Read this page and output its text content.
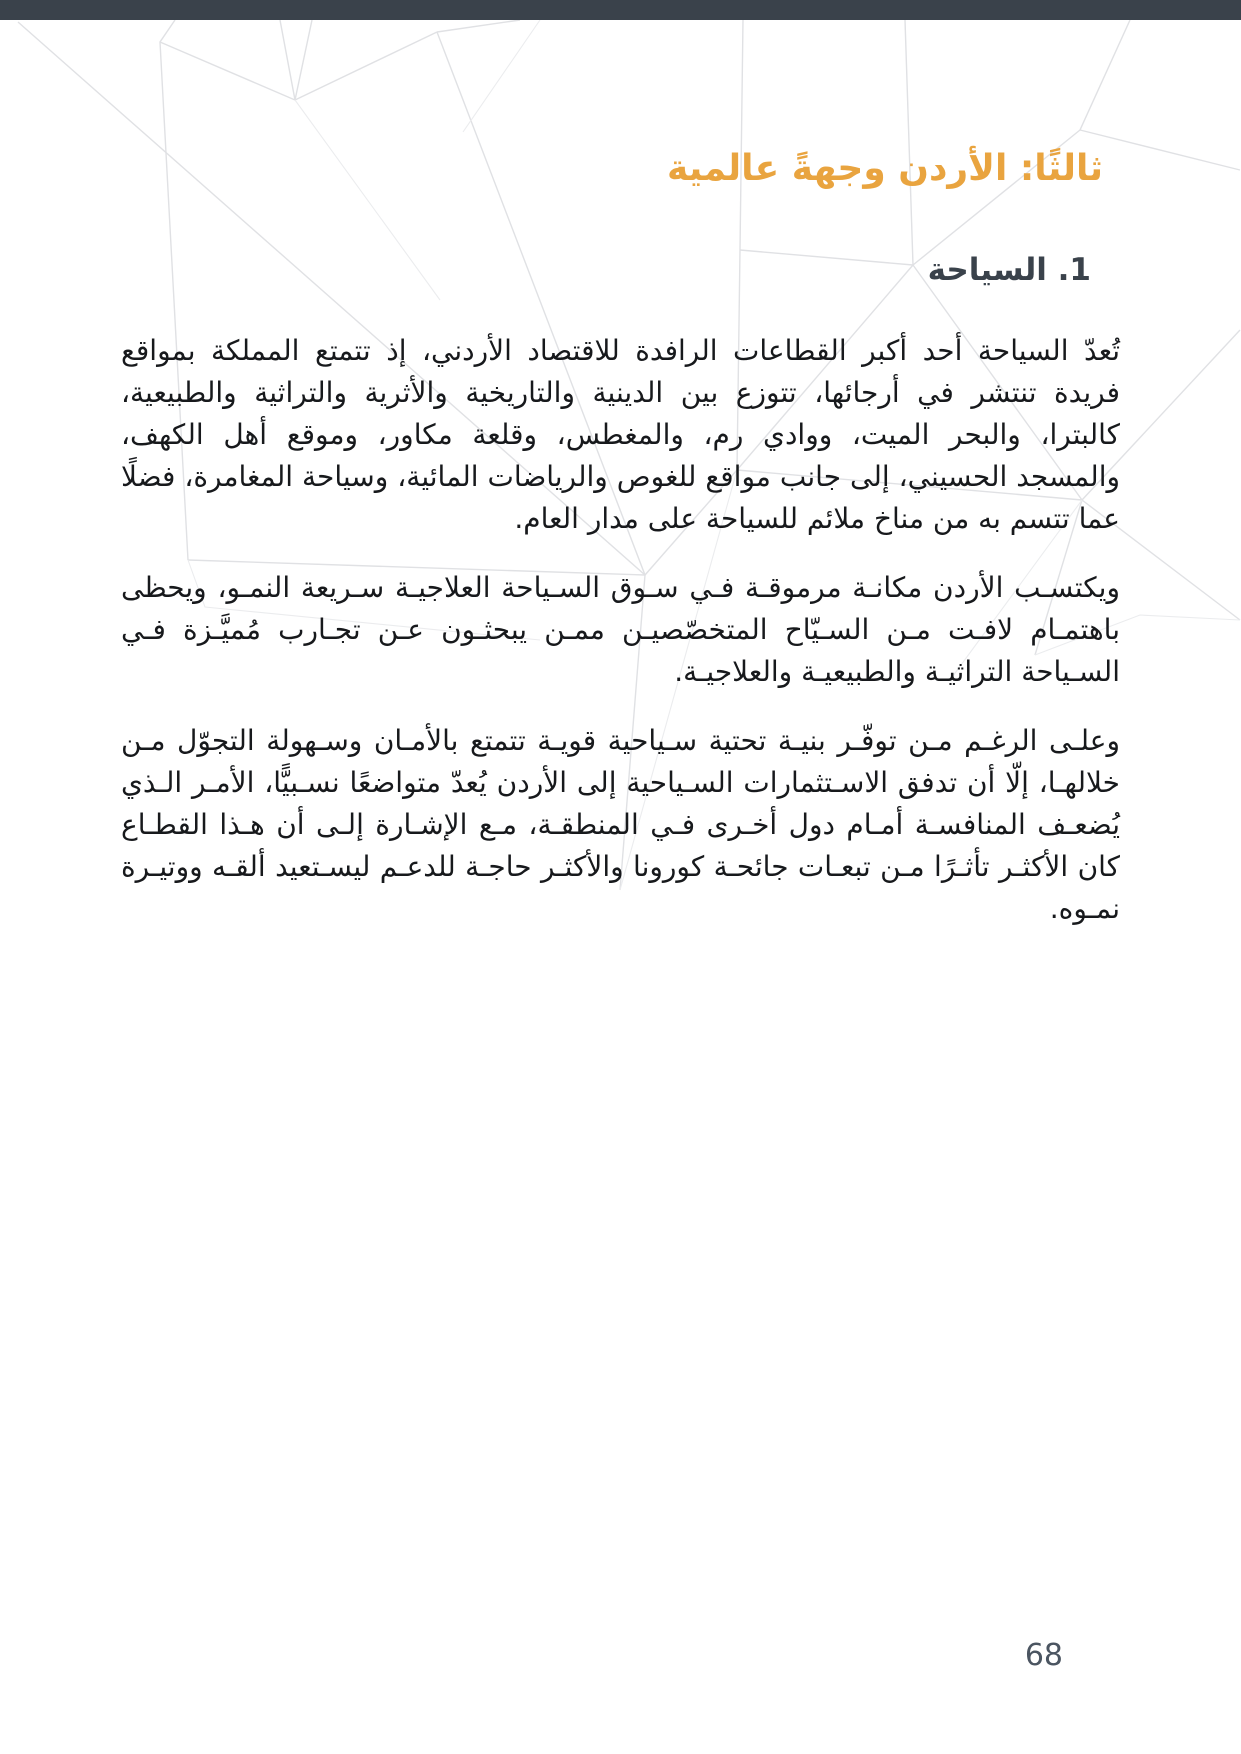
ثالثًا: الأردن وجهةً عالمية
1. السياحة

تُعدّ السياحة أحد أكبر القطاعات الرافدة للاقتصاد الأردني، إذ تتمتع المملكة بمواقع فريدة تنتشر في أرجائها، تتوزع بين الدينية والتاريخية والأثرية والتراثية والطبيعية، كالبترا، والبحر الميت، ووادي رم، والمغطس، وقلعة مكاور، وموقع أهل الكهف، والمسجد الحسيني، إلى جانب مواقع للغوص والرياضات المائية، وسياحة المغامرة، فضلًا عما تتسم به من مناخ ملائم للسياحة على مدار العام.

ويكتسـب الأردن مكانـة مرموقـة فـي سـوق السـياحة العلاجيـة سـريعة النمـو، ويحظى باهتمـام لافـت مـن السـيّاح المتخصّصيـن ممـن يبحثـون عـن تجـارب مُميَّـزة فـي السـياحة التراثيـة والطبيعيـة والعلاجيـة.

وعلـى الرغـم مـن توفّـر بنيـة تحتية سـياحية قويـة تتمتع بالأمـان وسـهولة التجوّل مـن خلالهـا، إلّا أن تدفق الاسـتثمارات السـياحية إلى الأردن يُعدّ متواضعًا نسـبيًّا، الأمـر الـذي يُضعـف المنافسـة أمـام دول أخـرى فـي المنطقـة، مـع الإشـارة إلـى أن هـذا القطـاع كان الأكثـر تأثـرًا مـن تبعـات جائحـة كورونا والأكثـر حاجـة للدعـم ليسـتعيد ألقـه ووتيـرة نمـوه.

68
